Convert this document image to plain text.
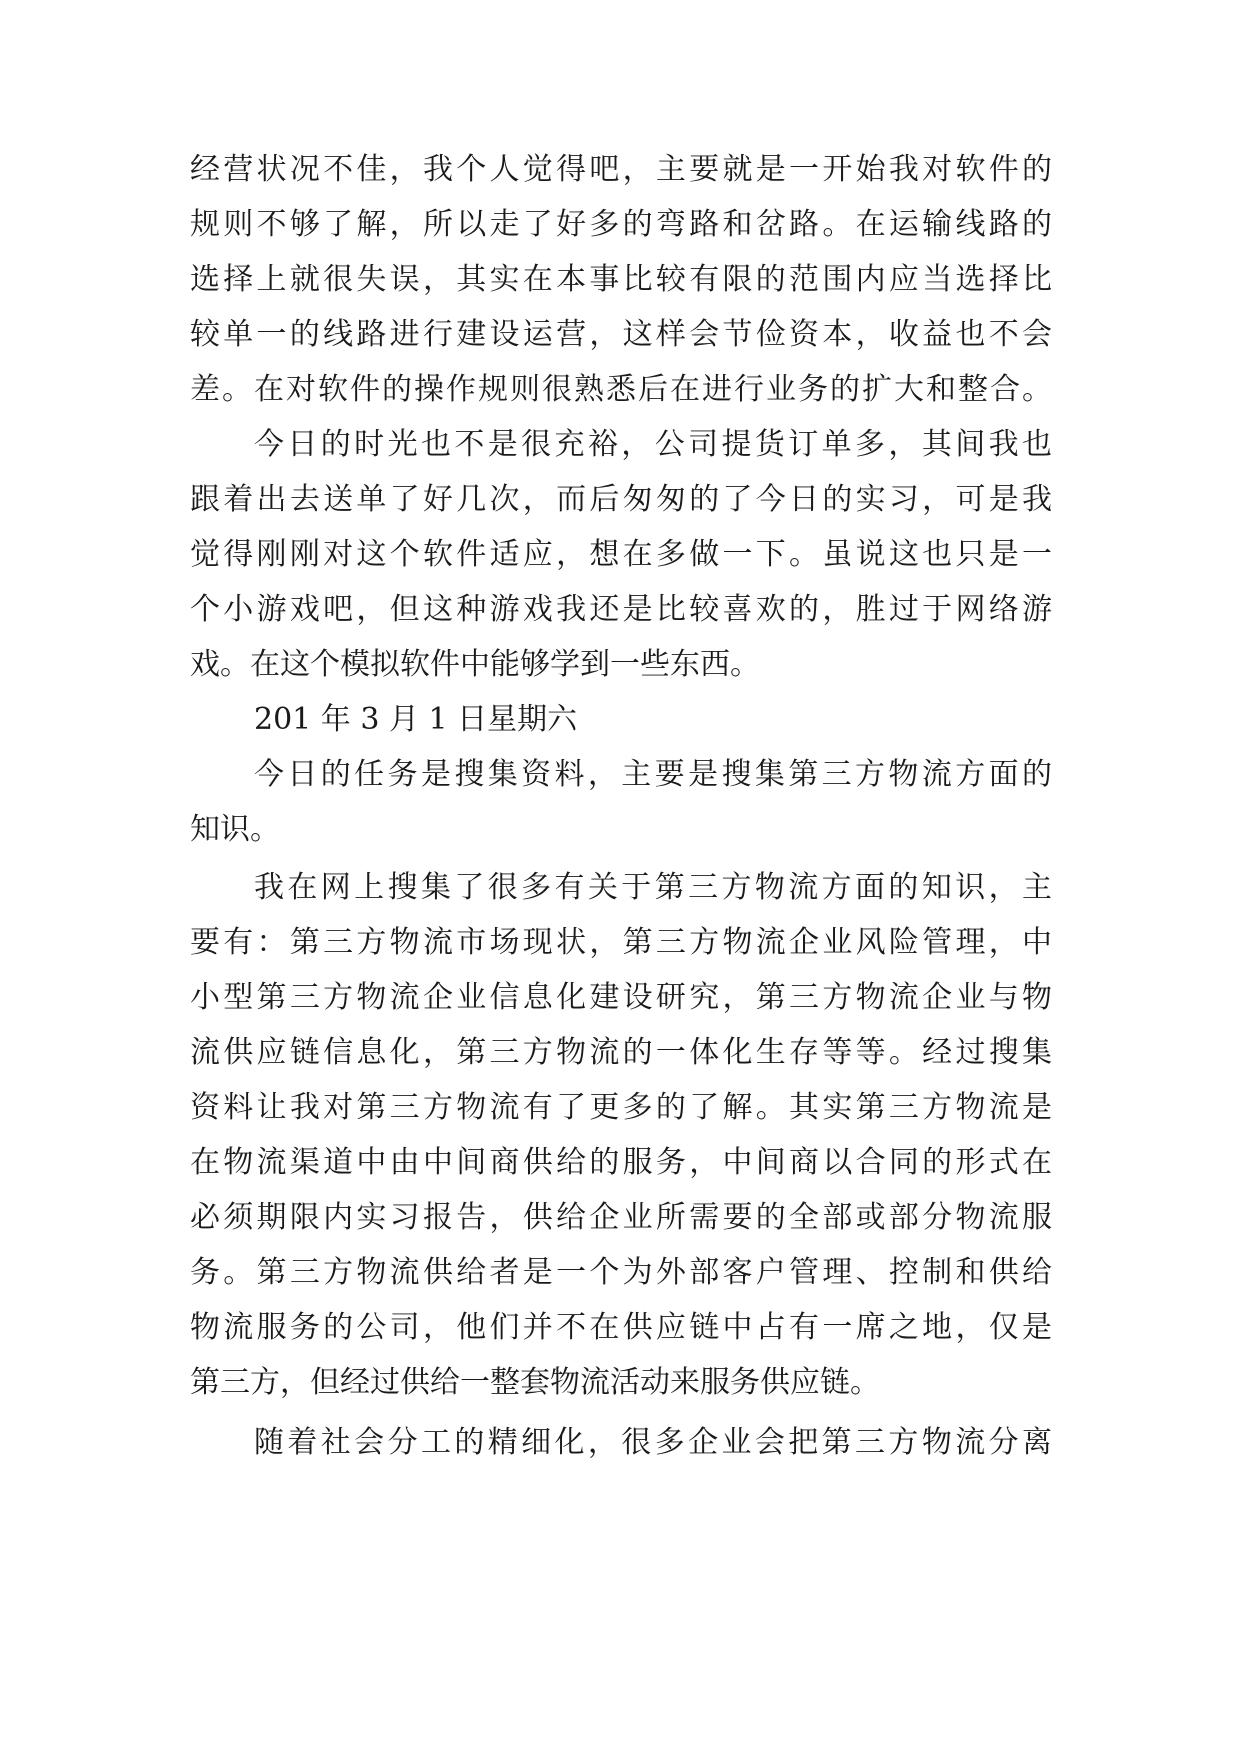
经营状况不佳，我个人觉得吧，主要就是一开始我对软件的
规则不够了解，所以走了好多的弯路和岔路。在运输线路的
选择上就很失误，其实在本事比较有限的范围内应当选择比
较单一的线路进行建设运营，这样会节俭资本，收益也不会
差。在对软件的操作规则很熟悉后在进行业务的扩大和整合。
今日的时光也不是很充裕，公司提货订单多，其间我也
跟着出去送单了好几次，而后匆匆的了今日的实习，可是我
觉得刚刚对这个软件适应，想在多做一下。虽说这也只是一
个小游戏吧，但这种游戏我还是比较喜欢的，胜过于网络游
戏。在这个模拟软件中能够学到一些东西。
201 年 3 月 1 日星期六
今日的任务是搜集资料，主要是搜集第三方物流方面的
知识。
我在网上搜集了很多有关于第三方物流方面的知识，主
要有：第三方物流市场现状，第三方物流企业风险管理，中
小型第三方物流企业信息化建设研究，第三方物流企业与物
流供应链信息化，第三方物流的一体化生存等等。经过搜集
资料让我对第三方物流有了更多的了解。其实第三方物流是
在物流渠道中由中间商供给的服务，中间商以合同的形式在
必须期限内实习报告，供给企业所需要的全部或部分物流服
务。第三方物流供给者是一个为外部客户管理、控制和供给
物流服务的公司，他们并不在供应链中占有一席之地，仅是
第三方，但经过供给一整套物流活动来服务供应链。
随着社会分工的精细化，很多企业会把第三方物流分离
